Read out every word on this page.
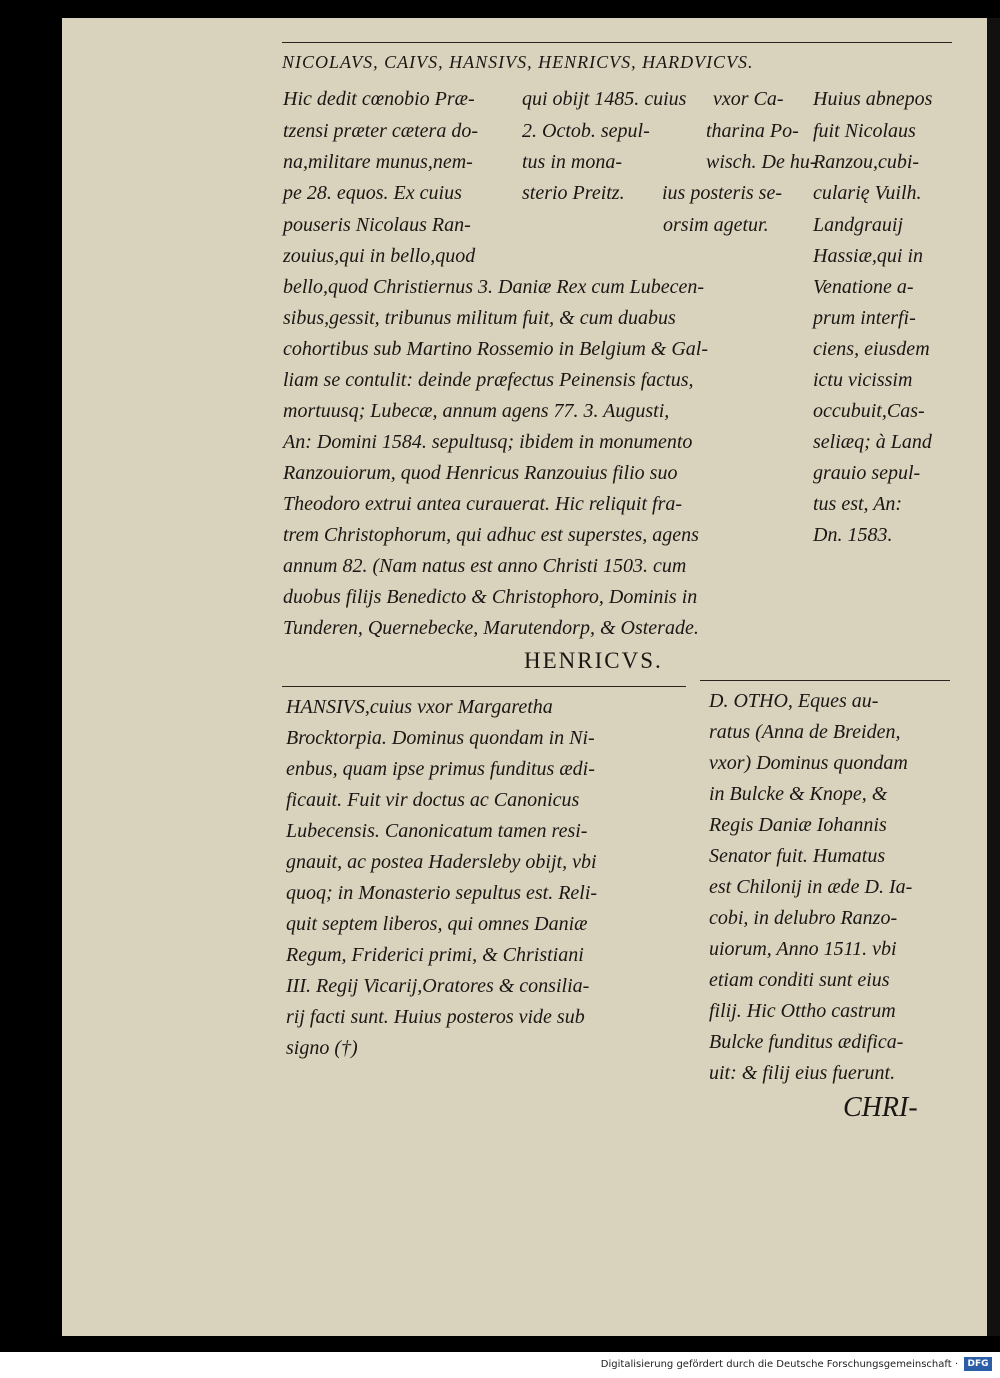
NICOLAVS, CAIVS, HANSIVS, HENRICVS, HARDVICVS.
Hic dedit cœnobio Præ-
tzensi præter cætera do-
na,militare munus,nem-
pe 28. equos. Ex cuius
pouseris Nicolaus Ran-
zouius,qui in bello,quod
qui obijt 1485. cuius
2. Octob. sepul-
tus in mona-
sterio Preitz.
vxor Ca-
tharina Po-
wisch. De hu-
ius posteris se-
orsim agetur.
Huius abnepos
fuit Nicolaus
Ranzou,cubi-
cularię Vuilh.
Landgrauij
Hassiæ,qui in
Venatione a-
prum interfi-
ciens, eiusdem
ictu vicissim
occubuit,Cas-
seliæq; à Land
grauio sepul-
tus est, An:
Dn. 1583.
bello,quod Christiernus 3. Daniæ Rex cum Lubecen-
sibus,gessit, tribunus militum fuit, & cum duabus
cohortibus sub Martino Rossemio in Belgium & Gal-
liam se contulit: deinde præfectus Peinensis factus,
mortuusq; Lubecæ, annum agens 77. 3. Augusti,
An: Domini 1584. sepultusq; ibidem in monumento
Ranzouiorum, quod Henricus Ranzouius filio suo
Theodoro extrui antea curauerat. Hic reliquit fra-
trem Christophorum, qui adhuc est superstes, agens
annum 82. (Nam natus est anno Christi 1503. cum
duobus filijs Benedicto & Christophoro, Dominis in
Tunderen, Quernebecke, Marutendorp, & Osterade.
HENRICVS.
HANSIVS,cuius vxor Margaretha
Brocktorpia. Dominus quondam in Ni-
enbus, quam ipse primus funditus ædi-
ficauit. Fuit vir doctus ac Canonicus
Lubecensis. Canonicatum tamen resi-
gnauit, ac postea Hadersleby obijt, vbi
quoq; in Monasterio sepultus est. Reli-
quit septem liberos, qui omnes Daniæ
Regum, Friderici primi, & Christiani
III. Regij Vicarij,Oratores & consilia-
rij facti sunt. Huius posteros vide sub
signo (†)
D. OTHO, Eques au-
ratus (Anna de Breiden,
vxor) Dominus quondam
in Bulcke & Knope, &
Regis Daniæ Iohannis
Senator fuit. Humatus
est Chilonij in æde D. Ia-
cobi, in delubro Ranzo-
uiorum, Anno 1511. vbi
etiam conditi sunt eius
filij. Hic Ottho castrum
Bulcke funditus ædifica-
uit: & filij eius fuerunt.
CHRI-
Digitalisierung gefördert durch die Deutsche Forschungsgemeinschaft ·	DFG
